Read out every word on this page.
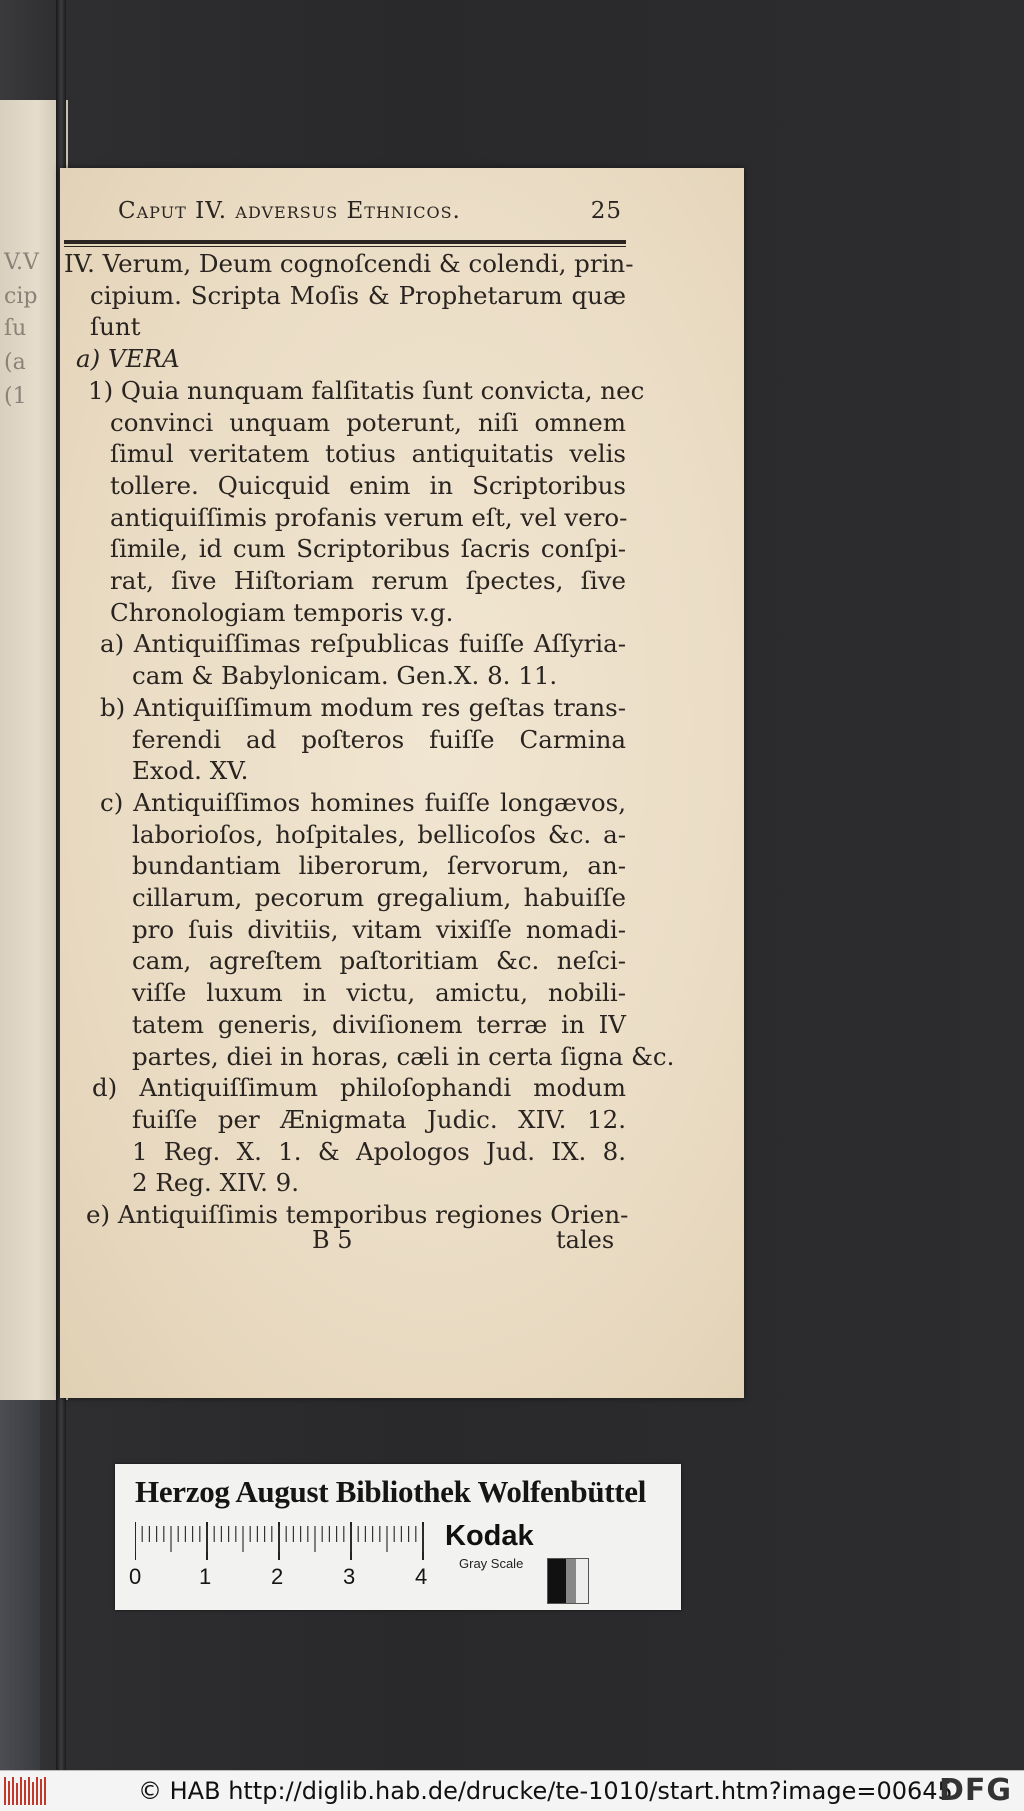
V.V
cip
ſu
(a
(1
Caput IV. adversus Ethnicos.	25
IV. Verum, Deum cognoſcendi & colendi, prin-
cipium. Scripta Moſis & Prophetarum quæ
ſunt
a) VERA
1) Quia nunquam falſitatis ſunt convicta, nec
convinci unquam poterunt, niſi omnem
ſimul veritatem totius antiquitatis velis
tollere. Quicquid enim in Scriptoribus
antiquiſſimis profanis verum eſt, vel vero-
ſimile, id cum Scriptoribus ſacris conſpi-
rat, ſive Hiſtoriam rerum ſpectes, ſive
Chronologiam temporis v.g.
a) Antiquiſſimas reſpublicas fuiſſe Aſſyria-
cam & Babylonicam. Gen.X. 8. 11.
b) Antiquiſſimum modum res geſtas trans-
ferendi ad poſteros fuiſſe Carmina
Exod. XV.
c) Antiquiſſimos homines fuiſſe longævos,
laborioſos, hoſpitales, bellicoſos &c. a-
bundantiam liberorum, ſervorum, an-
cillarum, pecorum gregalium, habuiſſe
pro ſuis divitiis, vitam vixiſſe nomadi-
cam, agreſtem paſtoritiam &c. neſci-
viſſe luxum in victu, amictu, nobili-
tatem generis, diviſionem terræ in IV
partes, diei in horas, cæli in certa ſigna &c.
d) Antiquiſſimum philoſophandi modum
fuiſſe per Ænigmata Judic. XIV. 12.
1 Reg. X. 1. & Apologos Jud. IX. 8.
2 Reg. XIV. 9.
e) Antiquiſſimis temporibus regiones Orien-
B 5	tales
Herzog August Bibliothek Wolfenbüttel
0	1	2	3	4
Kodak
Gray Scale
© HAB http://diglib.hab.de/drucke/te-1010/start.htm?image=00645
DFG
